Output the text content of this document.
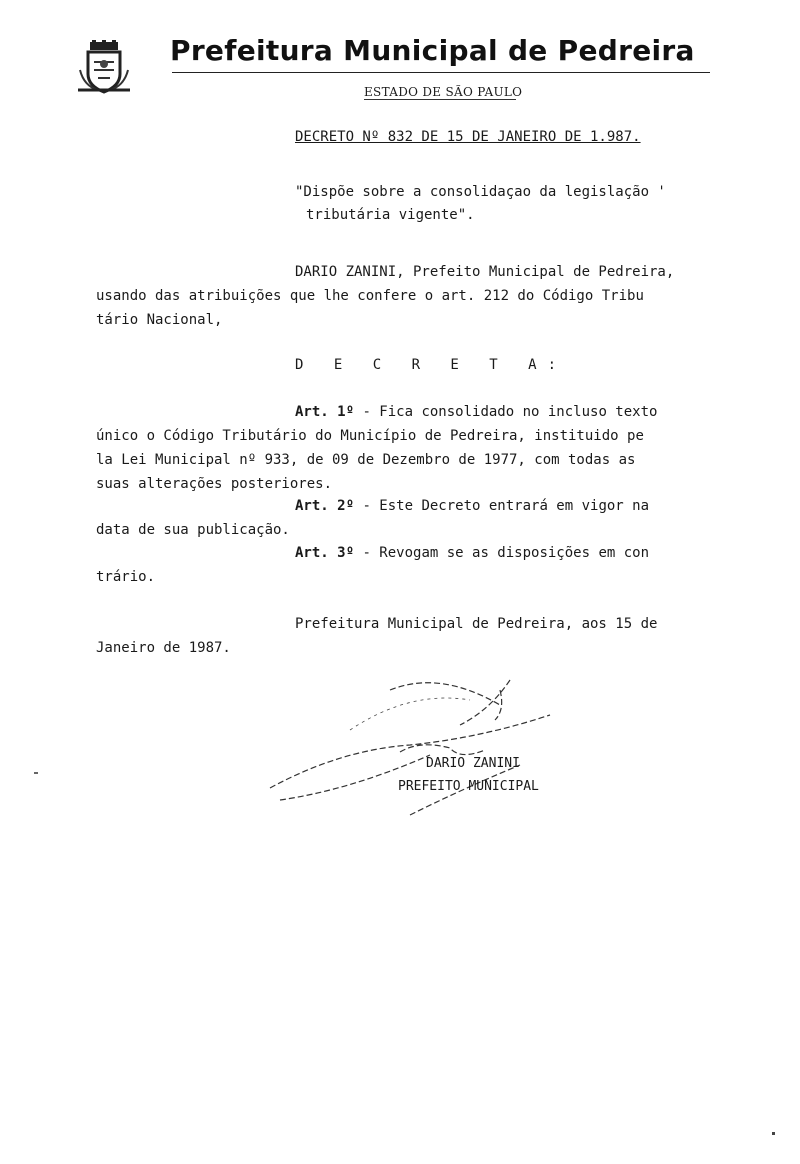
Prefeitura Municipal de Pedreira
ESTADO DE SÃO PAULO
DECRETO Nº 832 DE 15 DE JANEIRO DE 1.987.
"Dispõe sobre a consolidaçao da legislação '
tributária vigente".
DARIO ZANINI, Prefeito Municipal de Pedreira,
usando das atribuições que lhe confere o art. 212 do Código Tribu
tário Nacional,
D E C R E T A:
Art. 1º - Fica consolidado no incluso texto
único o Código Tributário do Município de Pedreira, instituido pe
la Lei Municipal nº 933, de 09 de Dezembro de 1977, com todas as
suas alterações posteriores.
Art. 2º - Este Decreto entrará em vigor na
data de sua publicação.
Art. 3º - Revogam se as disposições em con
trário.
Prefeitura Municipal de Pedreira, aos 15 de
Janeiro de 1987.
DARIO ZANINI
PREFEITO MUNICIPAL
